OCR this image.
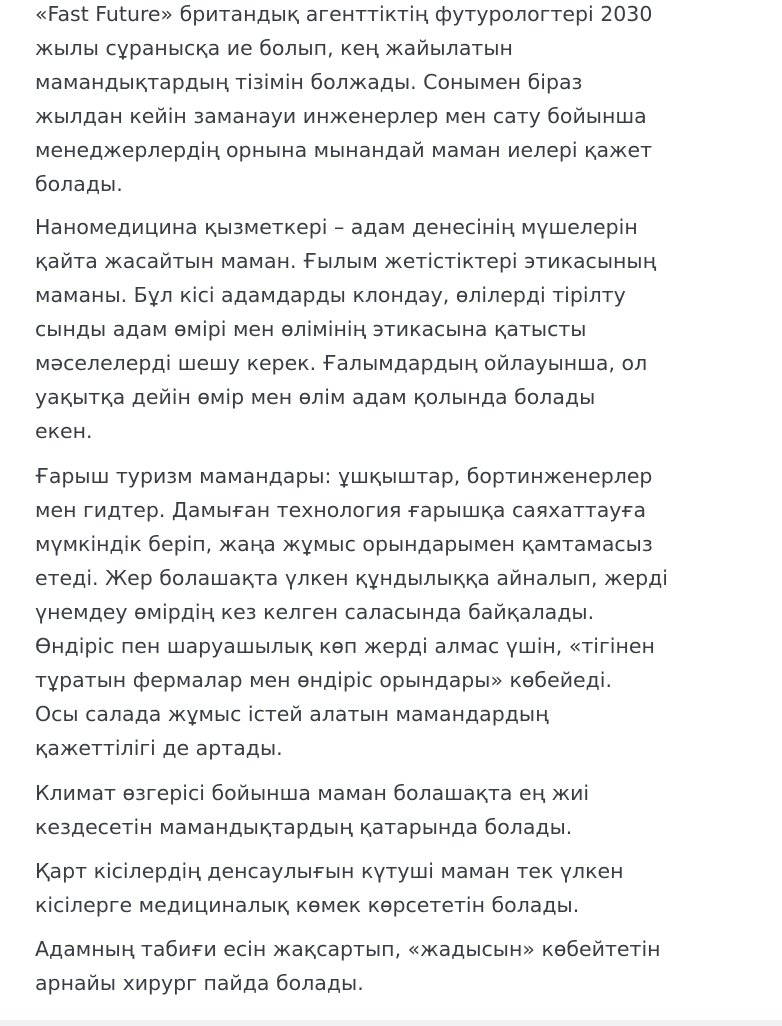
«Fast Future» британдық агенттіктің футурологтері 2030
жылы сұранысқа ие болып, кең жайылатын
мамандықтардың тізімін болжады. Сонымен біраз
жылдан кейін заманауи инженерлер мен сату бойынша
менеджерлердің орнына мынандай маман иелері қажет
болады.

Наномедицина қызметкері – адам денесінің мүшелерін
қайта жасайтын маман. Ғылым жетістіктері этикасының
маманы. Бұл кісі адамдарды клондау, өлілерді тірілту
сынды адам өмірі мен өлімінің этикасына қатысты
мәселелерді шешу керек. Ғалымдардың ойлауынша, ол
уақытқа дейін өмір мен өлім адам қолында болады
екен.

Ғарыш туризм мамандары: ұшқыштар, бортинженерлер
мен гидтер. Дамыған технология ғарышқа саяхаттауға
мүмкіндік беріп, жаңа жұмыс орындарымен қамтамасыз
етеді. Жер болашақта үлкен құндылыққа айналып, жерді
үнемдеу өмірдің кез келген саласында байқалады.
Өндіріс пен шаруашылық көп жерді алмас үшін, «тігінен
тұратын фермалар мен өндіріс орындары» көбейеді.
Осы салада жұмыс істей алатын мамандардың
қажеттілігі де артады.

Климат өзгерісі бойынша маман болашақта ең жиі
кездесетін мамандықтардың қатарында болады.

Қарт кісілердің денсаулығын күтуші маман тек үлкен
кісілерге медициналық көмек көрсететін болады.

Адамның табиғи есін жақсартып, «жадысын» көбейтетін
арнайы хирург пайда болады.
